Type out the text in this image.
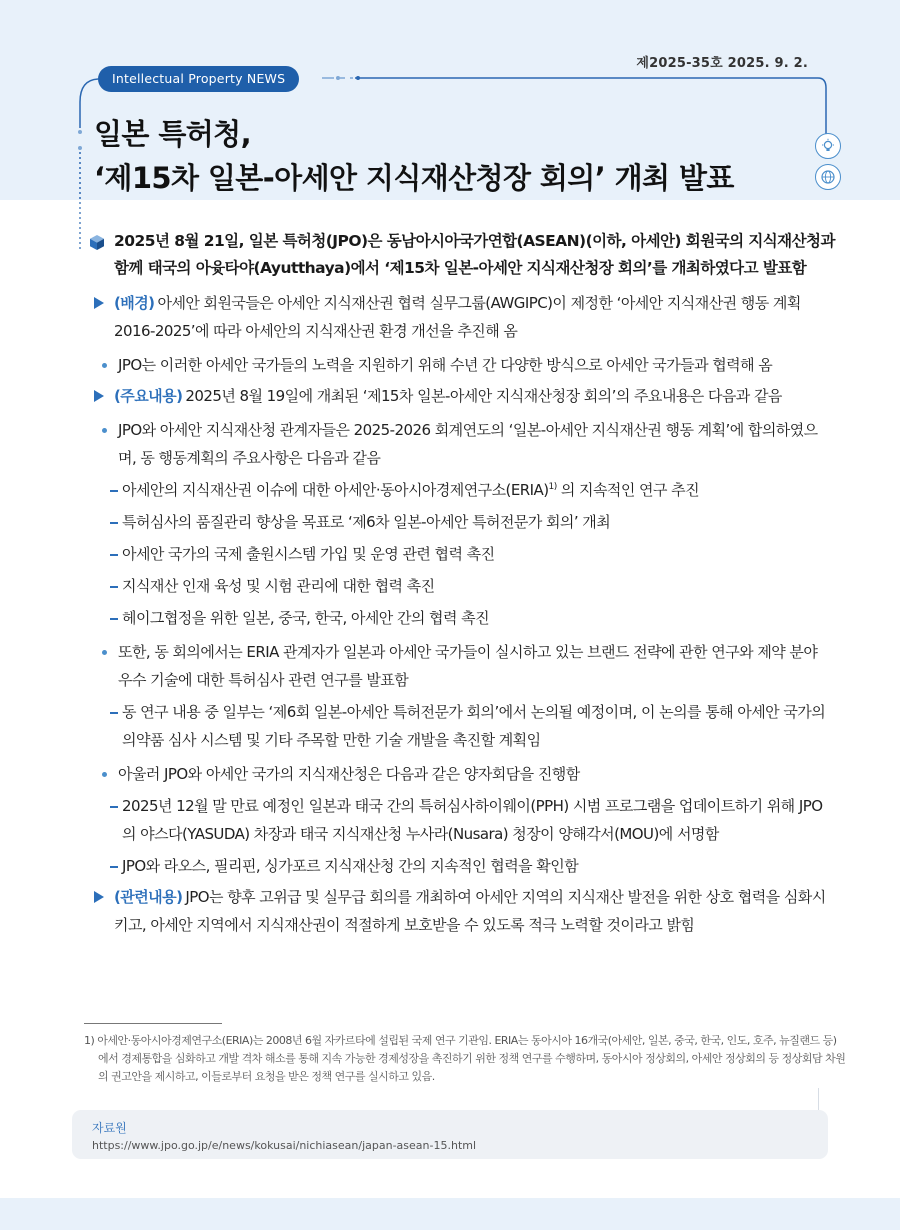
제2025-35호 2025. 9. 2.
Intellectual Property NEWS
일본 특허청,
‘제15차 일본-아세안 지식재산청장 회의’ 개최 발표
2025년 8월 21일, 일본 특허청(JPO)은 동남아시아국가연합(ASEAN)(이하, 아세안) 회원국의 지식재산청과 함께 태국의 아윳타야(Ayutthaya)에서 ‘제15차 일본-아세안 지식재산청장 회의’를 개최하였다고 발표함
(배경) 아세안 회원국들은 아세안 지식재산권 협력 실무그룹(AWGIPC)이 제정한 ‘아세안 지식재산권 행동 계획 2016-2025’에 따라 아세안의 지식재산권 환경 개선을 추진해 옴
JPO는 이러한 아세안 국가들의 노력을 지원하기 위해 수년 간 다양한 방식으로 아세안 국가들과 협력해 옴
(주요내용) 2025년 8월 19일에 개최된 ‘제15차 일본-아세안 지식재산청장 회의’의 주요내용은 다음과 같음
JPO와 아세안 지식재산청 관계자들은 2025-2026 회계연도의 ‘일본-아세안 지식재산권 행동 계획’에 합의하였으며, 동 행동계획의 주요사항은 다음과 같음
아세안의 지식재산권 이슈에 대한 아세안·동아시아경제연구소(ERIA)$^{1)}$ 의 지속적인 연구 추진
특허심사의 품질관리 향상을 목표로 ‘제6차 일본-아세안 특허전문가 회의’ 개최
아세안 국가의 국제 출원시스템 가입 및 운영 관련 협력 촉진
지식재산 인재 육성 및 시험 관리에 대한 협력 촉진
헤이그협정을 위한 일본, 중국, 한국, 아세안 간의 협력 촉진
또한, 동 회의에서는 ERIA 관계자가 일본과 아세안 국가들이 실시하고 있는 브랜드 전략에 관한 연구와 제약 분야 우수 기술에 대한 특허심사 관련 연구를 발표함
동 연구 내용 중 일부는 ‘제6회 일본-아세안 특허전문가 회의’에서 논의될 예정이며, 이 논의를 통해 아세안 국가의 의약품 심사 시스템 및 기타 주목할 만한 기술 개발을 촉진할 계획임
아울러 JPO와 아세안 국가의 지식재산청은 다음과 같은 양자회담을 진행함
2025년 12월 말 만료 예정인 일본과 태국 간의 특허심사하이웨이(PPH) 시범 프로그램을 업데이트하기 위해 JPO의 야스다(YASUDA) 차장과 태국 지식재산청 누사라(Nusara) 청장이 양해각서(MOU)에 서명함
JPO와 라오스, 필리핀, 싱가포르 지식재산청 간의 지속적인 협력을 확인함
(관련내용) JPO는 향후 고위급 및 실무급 회의를 개최하여 아세안 지역의 지식재산 발전을 위한 상호 협력을 심화시키고, 아세안 지역에서 지식재산권이 적절하게 보호받을 수 있도록 적극 노력할 것이라고 밝힘
1) 아세안·동아시아경제연구소(ERIA)는 2008년 6월 자카르타에 설립된 국제 연구 기관임. ERIA는 동아시아 16개국(아세안, 일본, 중국, 한국, 인도, 호주, 뉴질랜드 등)에서 경제통합을 심화하고 개발 격차 해소를 통해 지속 가능한 경제성장을 촉진하기 위한 정책 연구를 수행하며, 동아시아 정상회의, 아세안 정상회의 등 정상회담 차원의 권고안을 제시하고, 이들로부터 요청을 받은 정책 연구를 실시하고 있음.
자료원
https://www.jpo.go.jp/e/news/kokusai/nichiasean/japan-asean-15.html
